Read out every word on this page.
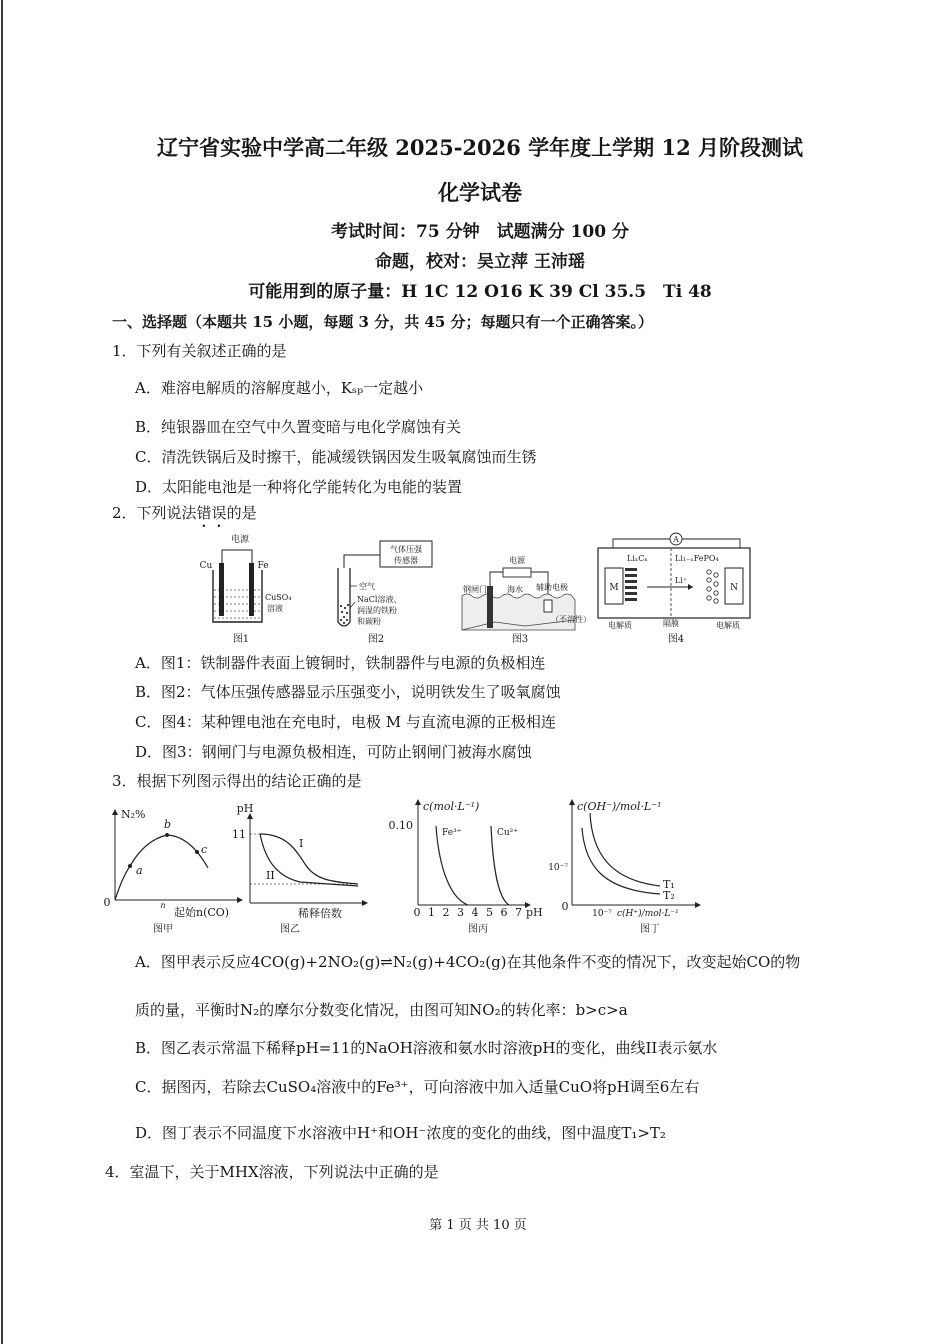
辽宁省实验中学高二年级 2025-2026 学年度上学期 12 月阶段测试
化学试卷
考试时间：75 分钟　试题满分 100 分
命题，校对：吴立萍 王沛瑶
可能用到的原子量：H 1C 12 O16 K 39 Cl 35.5　Ti 48
一、选择题（本题共 15 小题，每题 3 分，共 45 分；每题只有一个正确答案。）
1．下列有关叙述正确的是
A．难溶电解质的溶解度越小，Kₛₚ一定越小
B．纯银器皿在空气中久置变暗与电化学腐蚀有关
C．清洗铁锅后及时擦干，能减缓铁锅因发生吸氧腐蚀而生锈
D．太阳能电池是一种将化学能转化为电能的装置
2．下列说法错误的是
电源
Cu	Fe
CuSO₄
溶液
图1
气体压强
传感器
空气
NaCl溶液、
润湿的铁粉
和碳粉
图2
电源
钢闸门	海水 辅助电极
（不溶性）
图3
A
M	N
LiₓCₙ	Li₁₋ₓFePO₄
Li⁺
电解质	隔膜	电解质
图4
A．图1：铁制器件表面上镀铜时，铁制器件与电源的负极相连
B．图2：气体压强传感器显示压强变小，说明铁发生了吸氧腐蚀
C．图4：某种锂电池在充电时，电极 M 与直流电源的正极相连
D．图3：钢闸门与电源负极相连，可防止钢闸门被海水腐蚀
3．根据下列图示得出的结论正确的是
N₂%
a
b
c
0	n
起始n(CO)
图甲
pH
11
I
II
稀释倍数
图乙
c(mol·L⁻¹)
0.10
Fe³⁺	Cu²⁺
0 1 2 3 4 5 6 7 pH
图丙
c(OH⁻)/mol·L⁻¹
10⁻⁷
T₁
T₂
0
10⁻⁷ c(H⁺)/mol·L⁻¹
图丁
A．图甲表示反应4CO(g)+2NO₂(g)⇌N₂(g)+4CO₂(g)在其他条件不变的情况下，改变起始CO的物
质的量，平衡时N₂的摩尔分数变化情况，由图可知NO₂的转化率：b>c>a
B．图乙表示常温下稀释pH=11的NaOH溶液和氨水时溶液pH的变化，曲线II表示氨水
C．据图丙，若除去CuSO₄溶液中的Fe³⁺，可向溶液中加入适量CuO将pH调至6左右
D．图丁表示不同温度下水溶液中H⁺和OH⁻浓度的变化的曲线，图中温度T₁>T₂
4．室温下，关于MHX溶液，下列说法中正确的是
第 1 页 共 10 页
